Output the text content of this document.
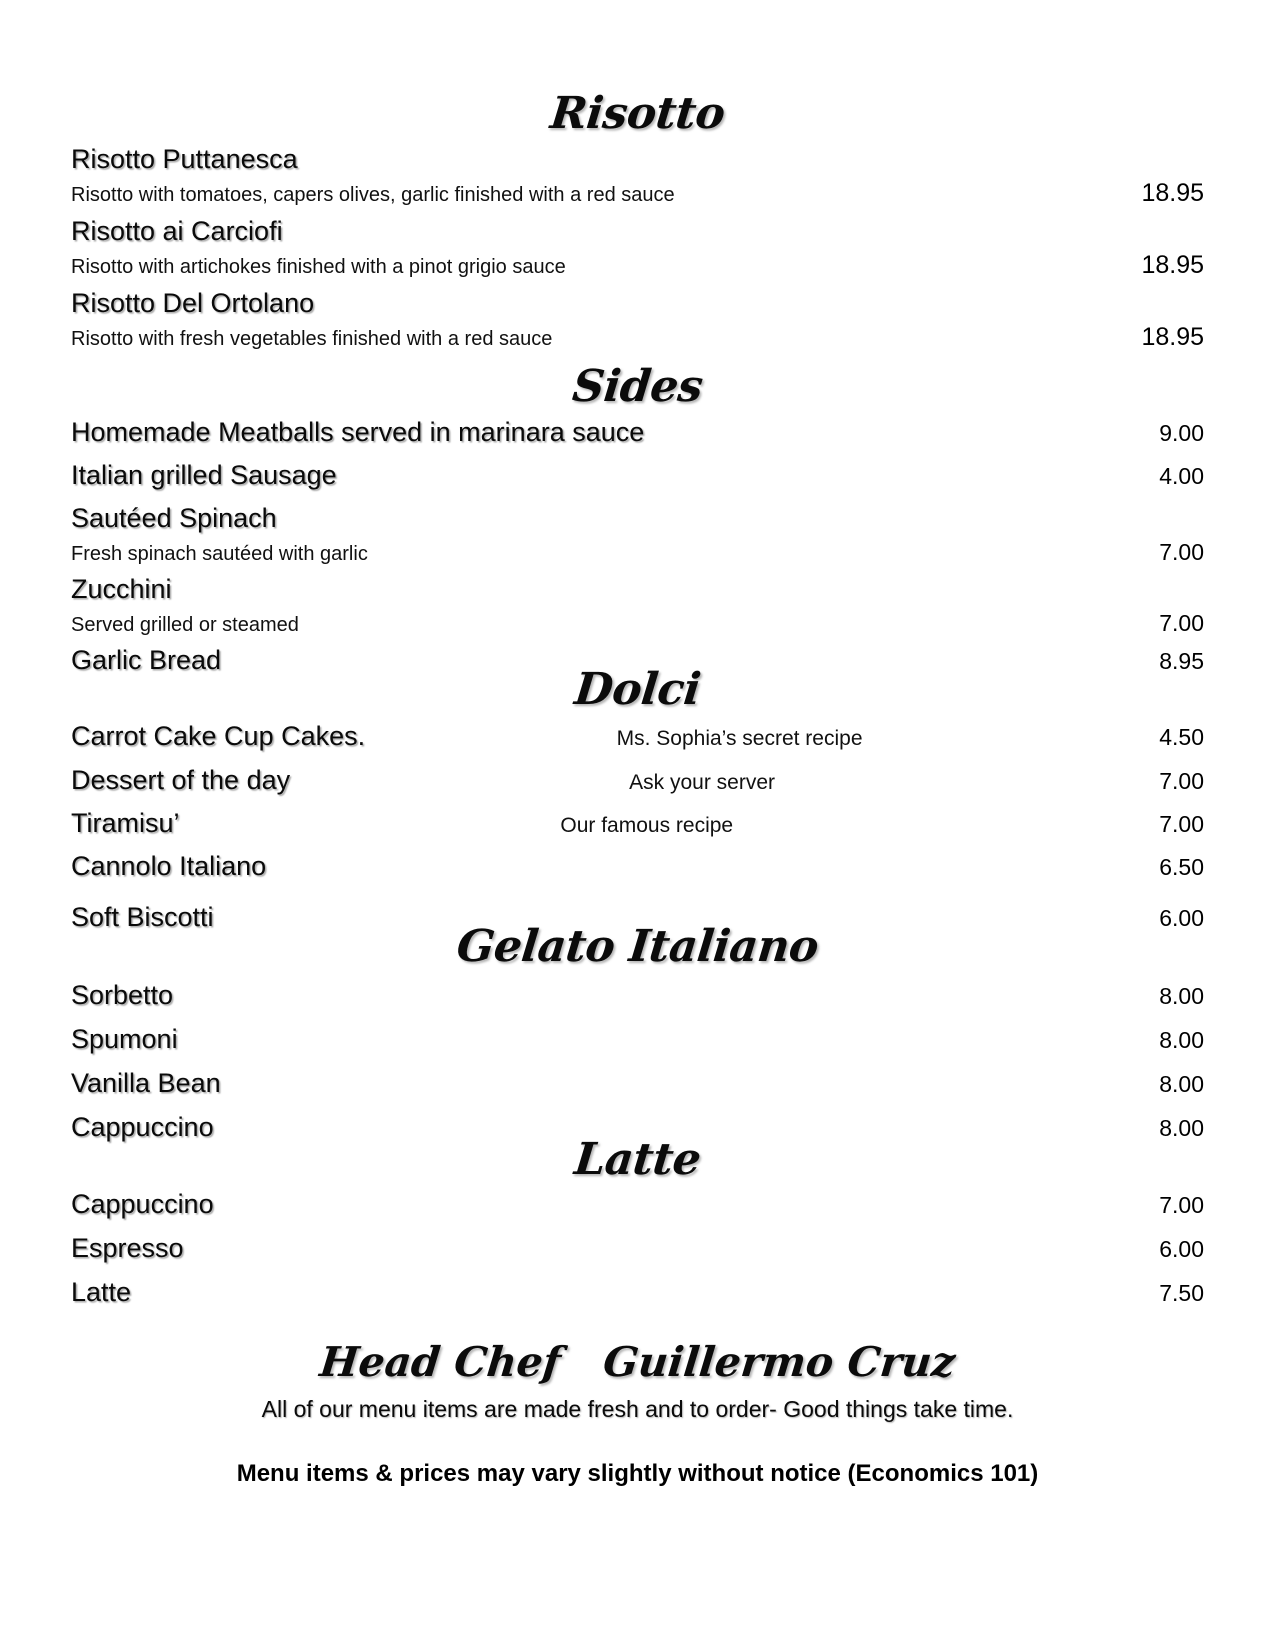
Risotto
Risotto Puttanesca
Risotto with tomatoes, capers olives, garlic finished with a red sauce	18.95
Risotto ai Carciofi
Risotto with artichokes finished with a pinot grigio sauce	18.95
Risotto Del Ortolano
Risotto with fresh vegetables finished with a red sauce	18.95
Sides
Homemade Meatballs served in marinara sauce	9.00
Italian grilled Sausage	4.00
Sautéed Spinach
Fresh spinach sautéed with garlic	7.00
Zucchini
Served grilled or steamed	7.00
Garlic Bread	8.95
Dolci
Carrot Cake Cup Cakes.	Ms. Sophia’s secret recipe	4.50
Dessert of the day	Ask your server	7.00
Tiramisu’	Our famous recipe	7.00
Cannolo Italiano	6.50
Soft Biscotti	6.00
Gelato Italiano
Sorbetto	8.00
Spumoni	8.00
Vanilla Bean	8.00
Cappuccino	8.00
Latte
Cappuccino	7.00
Espresso	6.00
Latte	7.50
Head Chef   Guillermo Cruz
All of our menu items are made fresh and to order- Good things take time.
Menu items & prices may vary slightly without notice (Economics 101)
